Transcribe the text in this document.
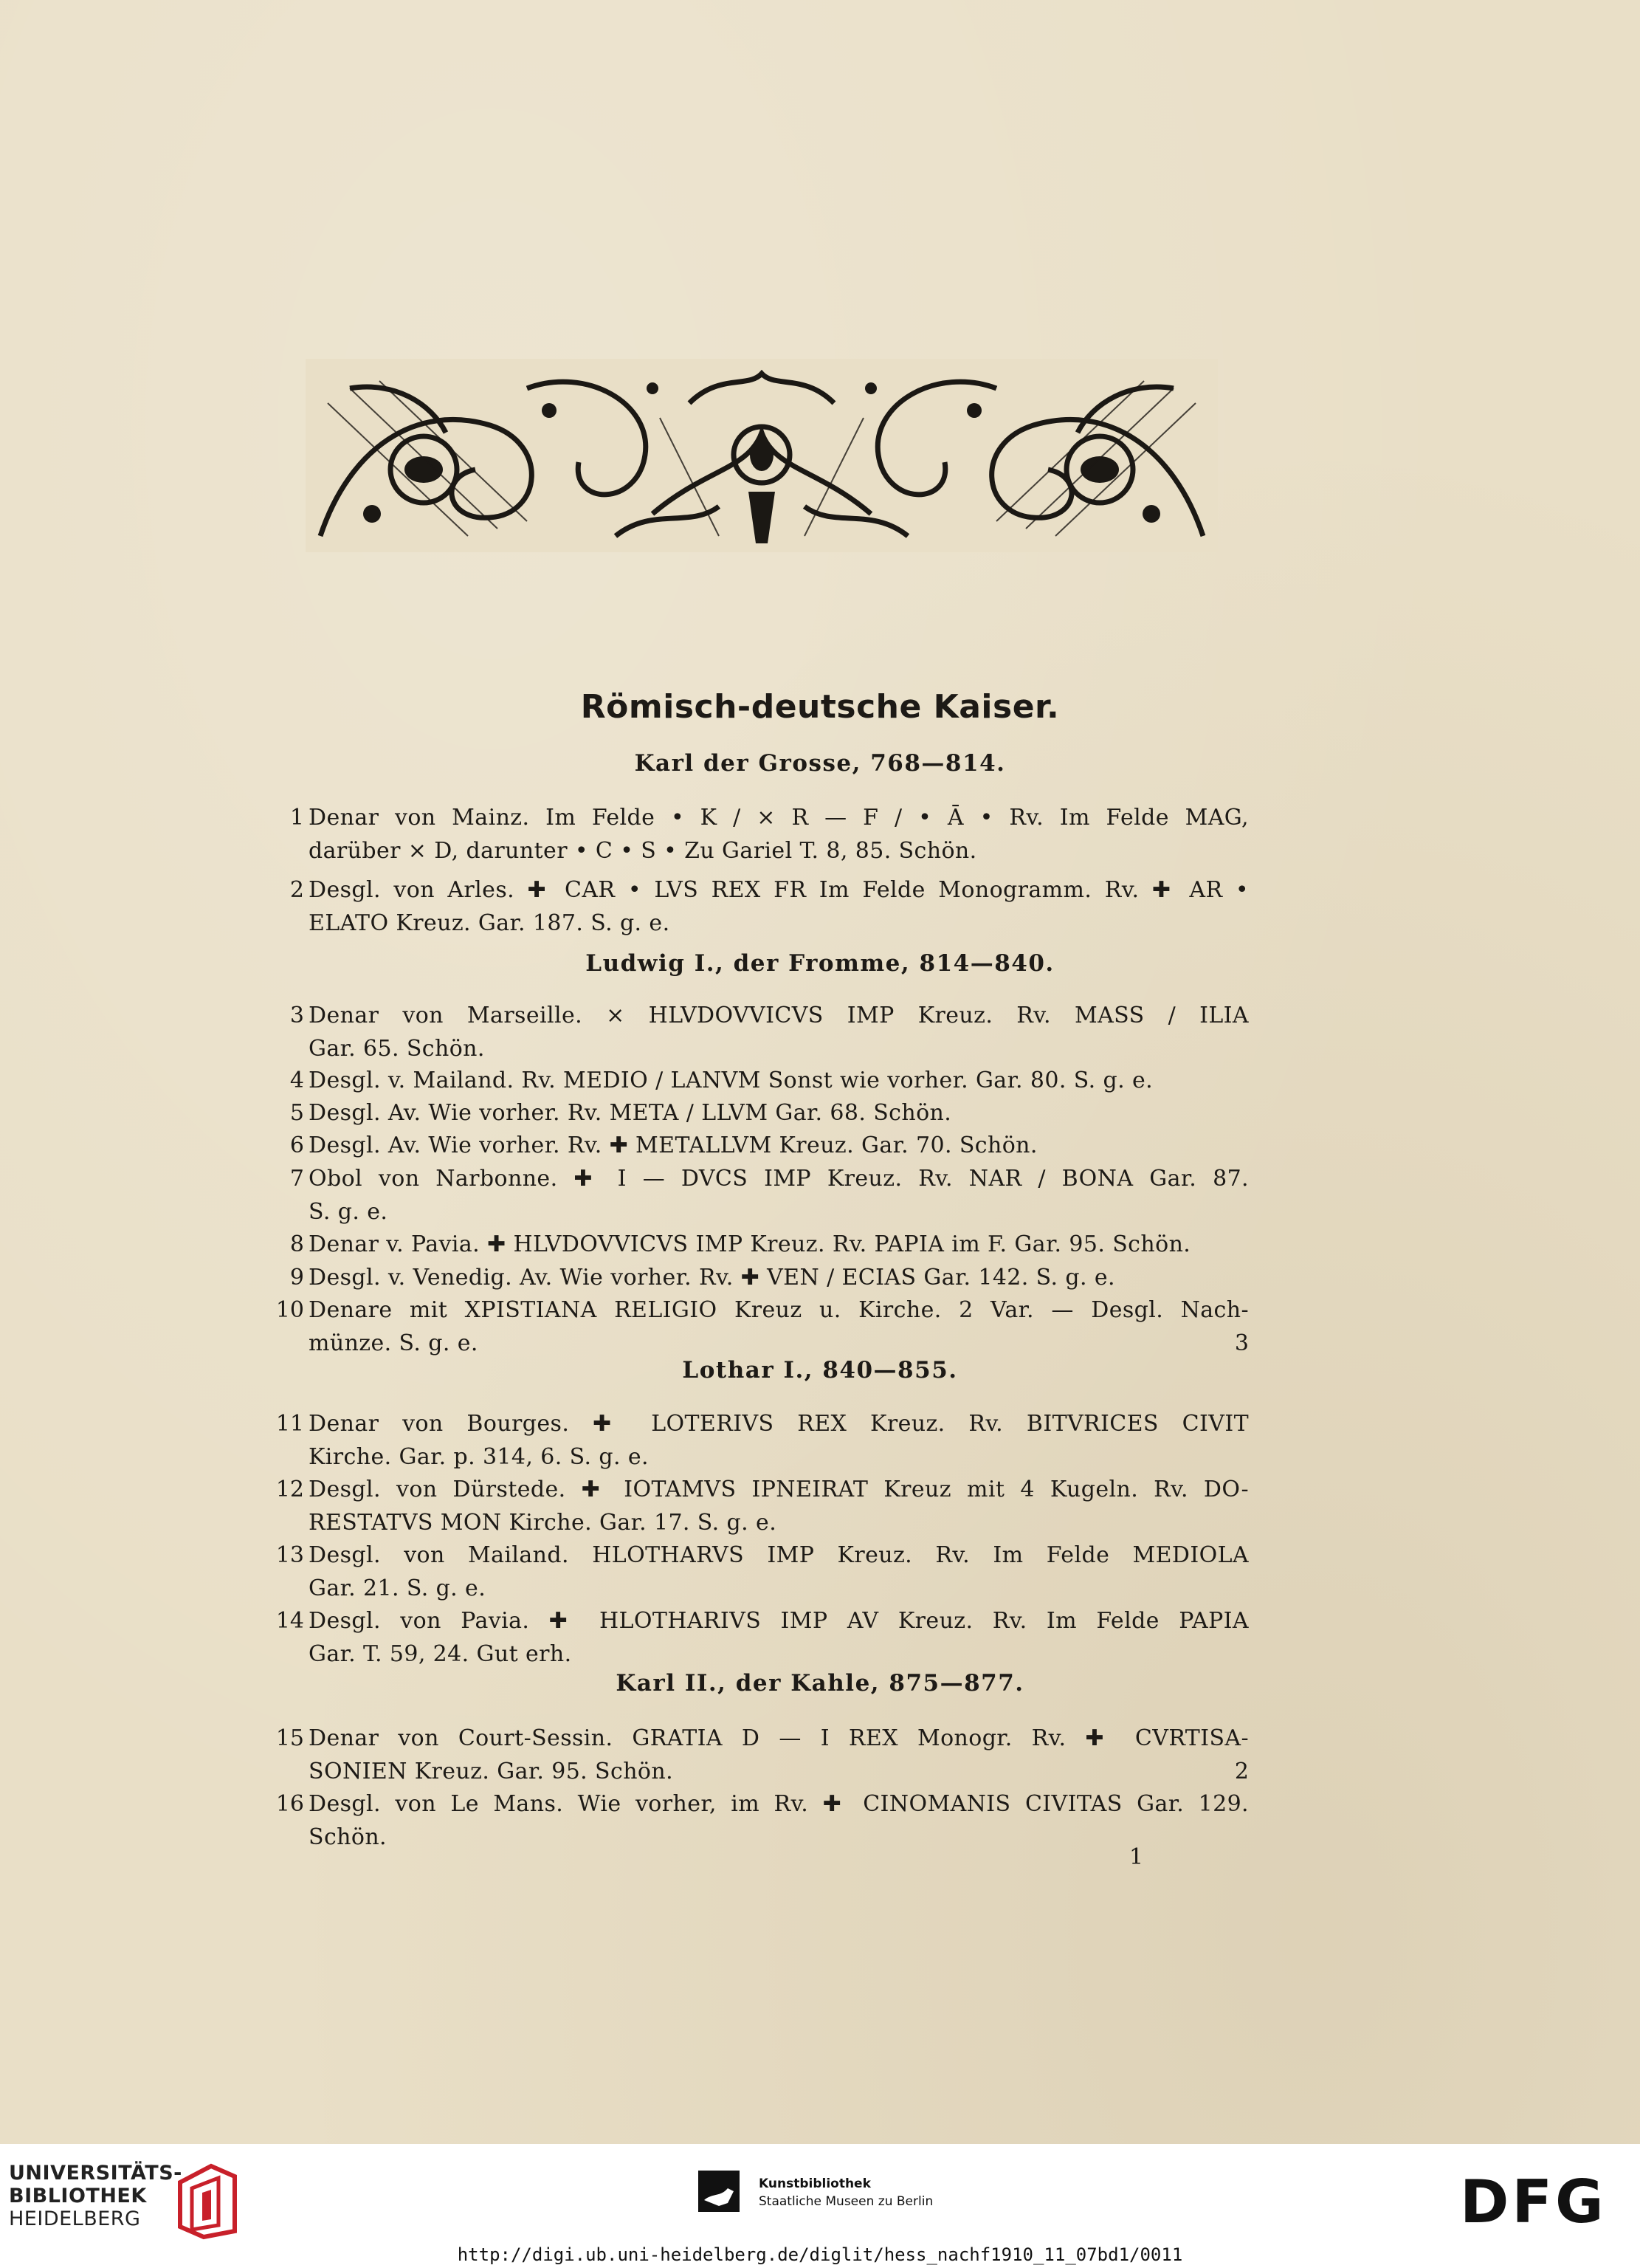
Römisch-deutsche Kaiser.
1
Karl der Grosse, 768—814.
1 Denar von Mainz. Im Felde • K / × R — F / • Ā • Rv. Im Felde MAG,
darüber × D, darunter • C • S • Zu Gariel T. 8, 85. Schön.
2 Desgl. von Arles. ✚ CAR • LVS REX FR Im Felde Monogramm. Rv. ✚ AR •
ELATO Kreuz. Gar. 187. S. g. e.
Ludwig I., der Fromme, 814—840.
3 Denar von Marseille. × HLVDOVVICVS IMP Kreuz. Rv. MASS / ILIA
Gar. 65. Schön.
4 Desgl. v. Mailand. Rv. MEDIO / LANVM Sonst wie vorher. Gar. 80. S. g. e.
5 Desgl. Av. Wie vorher. Rv. META / LLVM Gar. 68. Schön.
6 Desgl. Av. Wie vorher. Rv. ✚ METALLVM Kreuz. Gar. 70. Schön.
7 Obol von Narbonne. ✚ I — DVCS IMP Kreuz. Rv. NAR / BONA Gar. 87.
S. g. e.
8 Denar v. Pavia. ✚ HLVDOVVICVS IMP Kreuz. Rv. PAPIA im F. Gar. 95. Schön.
9 Desgl. v. Venedig. Av. Wie vorher. Rv. ✚ VEN / ECIAS Gar. 142. S. g. e.
10 Denare mit XPISTIANA RELIGIO Kreuz u. Kirche. 2 Var. — Desgl. Nach-
münze. S. g. e.	3
Lothar I., 840—855.
11 Denar von Bourges. ✚ LOTERIVS REX Kreuz. Rv. BITVRICES CIVIT
Kirche. Gar. p. 314, 6. S. g. e.
12 Desgl. von Dürstede. ✚ IOTAMVS IPNEIRAT Kreuz mit 4 Kugeln. Rv. DO-
RESTATVS MON Kirche. Gar. 17. S. g. e.
13 Desgl. von Mailand. HLOTHARVS IMP Kreuz. Rv. Im Felde MEDIOLA
Gar. 21. S. g. e.
14 Desgl. von Pavia. ✚ HLOTHARIVS IMP AV Kreuz. Rv. Im Felde PAPIA
Gar. T. 59, 24. Gut erh.
Karl II., der Kahle, 875—877.
15 Denar von Court-Sessin. GRATIA D — I REX Monogr. Rv. ✚ CVRTISA-
SONIEN Kreuz. Gar. 95. Schön.	2
16 Desgl. von Le Mans. Wie vorher, im Rv. ✚ CINOMANIS CIVITAS Gar. 129.
Schön.
UNIVERSITÄTS-
BIBLIOTHEK
HEIDELBERG
Kunstbibliothek
Staatliche Museen zu Berlin	DFG
http://digi.ub.uni-heidelberg.de/diglit/hess_nachf1910_11_07bd1/0011
